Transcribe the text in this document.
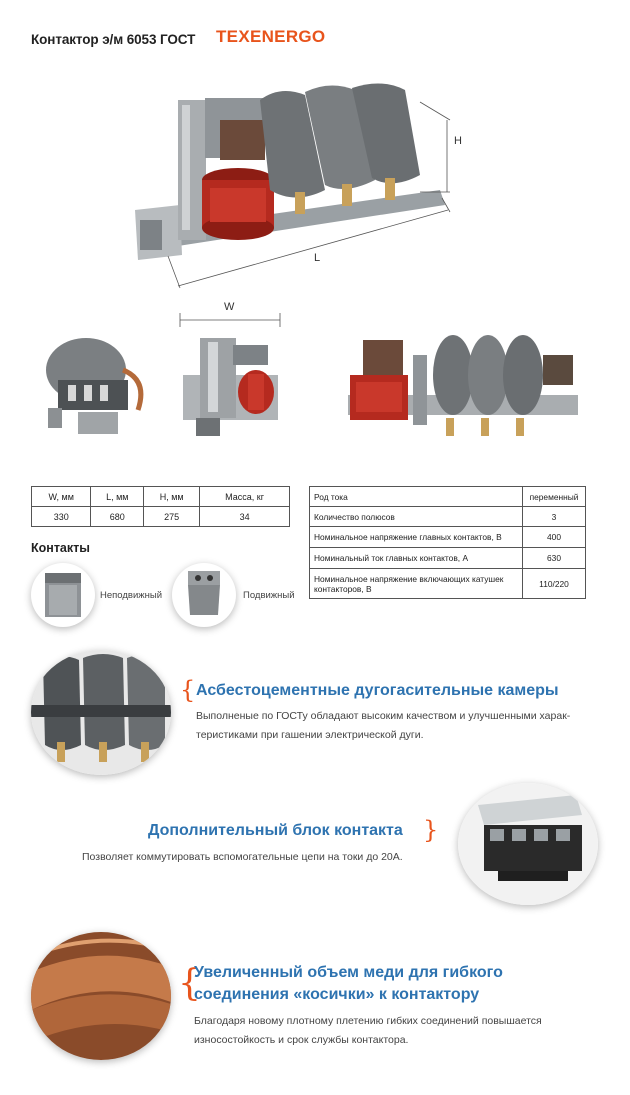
Контактор э/м 6053 ГОСТ TEXENERGO
H
L
W
W, мм	L, мм	H, мм	Масса, кг
330	680	275	34
Род тока	переменный
Количество полюсов	3
Номинальное напряжение главных контактов, В	400
Номинальный ток главных контактов, А	630
Номинальное напряжение включающих катушек контакторов, В	110/220
Контакты
Неподвижный	Подвижный
{ Асбестоцементные дугогасительные камеры
Выполненые по ГОСТу обладают высоким качеством и улучшенными харак-
теристиками при гашении электрической дуги.
Дополнительный блок контакта }
Позволяет коммутировать вспомогательные цепи на токи до 20А.
{
Увеличенный объем меди для гибкого
соединения «косички» к контактору
Благодаря новому плотному плетению гибких соединений повышается
износостойкость и срок службы контактора.
